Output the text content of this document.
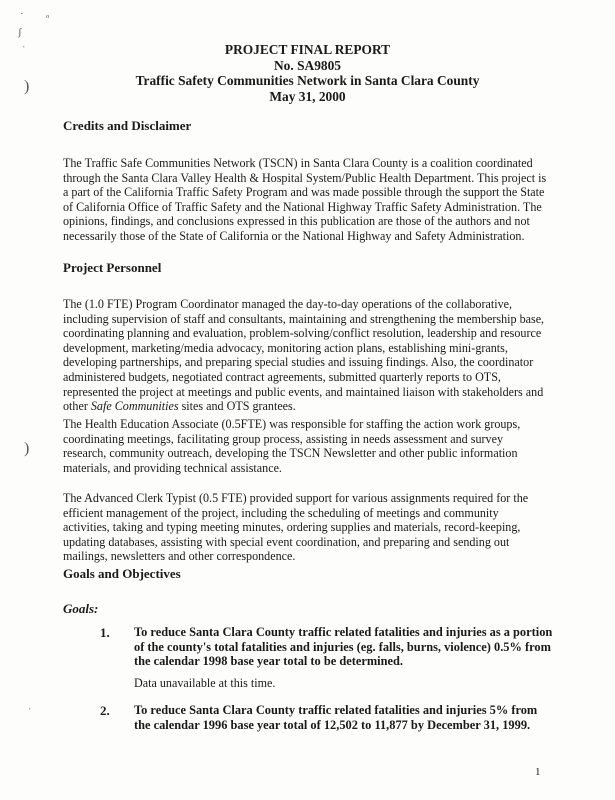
· ᵒ
ʃ
ˈ
)
)
ˈ
PROJECT FINAL REPORT
No. SA9805
Traffic Safety Communities Network in Santa Clara County
May 31, 2000
Credits and Disclaimer
The Traffic Safe Communities Network (TSCN) in Santa Clara County is a coalition coordinated through the Santa Clara Valley Health & Hospital System/Public Health Department. This project is a part of the California Traffic Safety Program and was made possible through the support the State of California Office of Traffic Safety and the National Highway Traffic Safety Administration. The opinions, findings, and conclusions expressed in this publication are those of the authors and not necessarily those of the State of California or the National Highway and Safety Administration.
Project Personnel
The (1.0 FTE) Program Coordinator managed the day-to-day operations of the collaborative, including supervision of staff and consultants, maintaining and strengthening the membership base, coordinating planning and evaluation, problem-solving/conflict resolution, leadership and resource development, marketing/media advocacy, monitoring action plans, establishing mini-grants, developing partnerships, and preparing special studies and issuing findings. Also, the coordinator administered budgets, negotiated contract agreements, submitted quarterly reports to OTS, represented the project at meetings and public events, and maintained liaison with stakeholders and other Safe Communities sites and OTS grantees.
The Health Education Associate (0.5FTE) was responsible for staffing the action work groups, coordinating meetings, facilitating group process, assisting in needs assessment and survey research, community outreach, developing the TSCN Newsletter and other public information materials, and providing technical assistance.
The Advanced Clerk Typist (0.5 FTE) provided support for various assignments required for the efficient management of the project, including the scheduling of meetings and community activities, taking and typing meeting minutes, ordering supplies and materials, record-keeping, updating databases, assisting with special event coordination, and preparing and sending out mailings, newsletters and other correspondence.
Goals and Objectives
Goals:
1. To reduce Santa Clara County traffic related fatalities and injuries as a portion of the county's total fatalities and injuries (eg. falls, burns, violence) 0.5% from the calendar 1998 base year total to be determined.
Data unavailable at this time.
2. To reduce Santa Clara County traffic related fatalities and injuries 5% from the calendar 1996 base year total of 12,502 to 11,877 by December 31, 1999.
1
